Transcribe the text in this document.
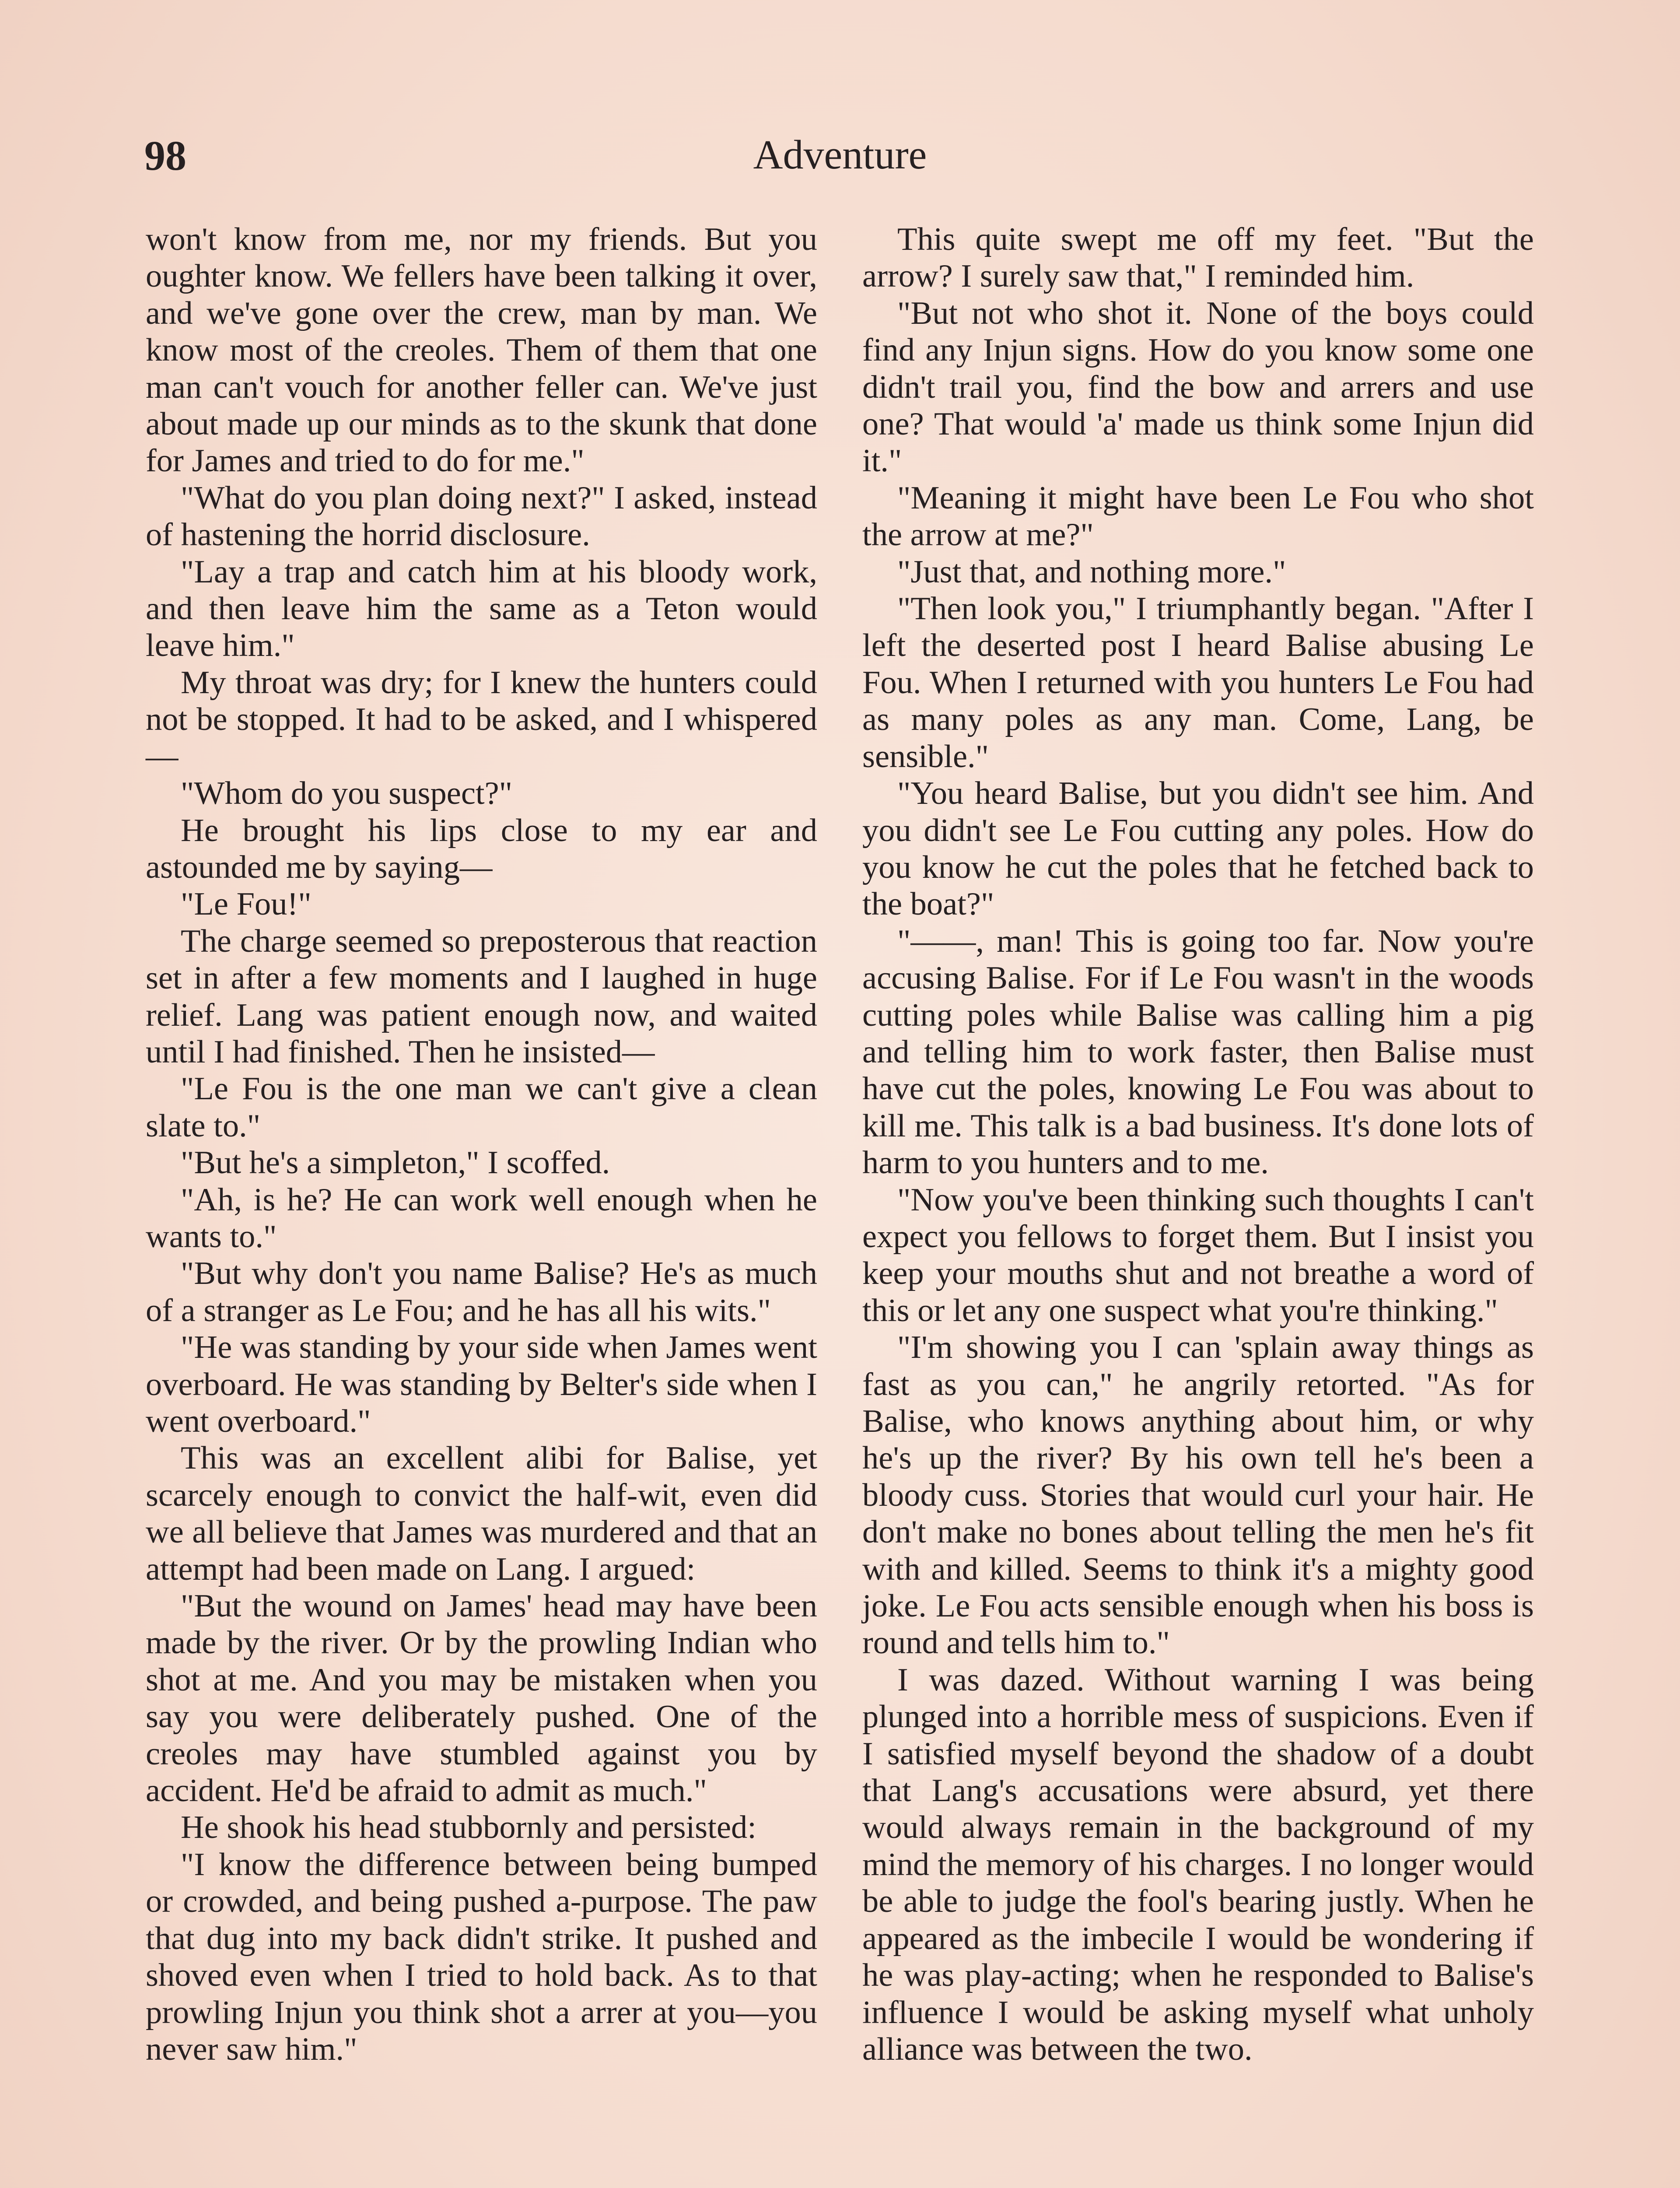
98	Adventure

won't know from me, nor my friends. But you oughter know. We fellers have been talking it over, and we've gone over the crew, man by man. We know most of the creoles. Them of them that one man can't vouch for another feller can. We've just about made up our minds as to the skunk that done for James and tried to do for me."

"What do you plan doing next?" I asked, instead of hastening the horrid disclosure.

"Lay a trap and catch him at his bloody work, and then leave him the same as a Teton would leave him."

My throat was dry; for I knew the hunters could not be stopped. It had to be asked, and I whispered—

"Whom do you suspect?"

He brought his lips close to my ear and astounded me by saying—

"Le Fou!"

The charge seemed so preposterous that reaction set in after a few moments and I laughed in huge relief. Lang was patient enough now, and waited until I had finished. Then he insisted—

"Le Fou is the one man we can't give a clean slate to."

"But he's a simpleton," I scoffed.

"Ah, is he? He can work well enough when he wants to."

"But why don't you name Balise? He's as much of a stranger as Le Fou; and he has all his wits."

"He was standing by your side when James went overboard. He was standing by Belter's side when I went overboard."

This was an excellent alibi for Balise, yet scarcely enough to convict the half-wit, even did we all believe that James was murdered and that an attempt had been made on Lang. I argued:

"But the wound on James' head may have been made by the river. Or by the prowling Indian who shot at me. And you may be mistaken when you say you were deliberately pushed. One of the creoles may have stumbled against you by accident. He'd be afraid to admit as much."

He shook his head stubbornly and persisted:

"I know the difference between being bumped or crowded, and being pushed a-purpose. The paw that dug into my back didn't strike. It pushed and shoved even when I tried to hold back. As to that prowling Injun you think shot a arrer at you—you never saw him."

This quite swept me off my feet. "But the arrow? I surely saw that," I reminded him.

"But not who shot it. None of the boys could find any Injun signs. How do you know some one didn't trail you, find the bow and arrers and use one? That would 'a' made us think some Injun did it."

"Meaning it might have been Le Fou who shot the arrow at me?"

"Just that, and nothing more."

"Then look you," I triumphantly began. "After I left the deserted post I heard Balise abusing Le Fou. When I returned with you hunters Le Fou had as many poles as any man. Come, Lang, be sensible."

"You heard Balise, but you didn't see him. And you didn't see Le Fou cutting any poles. How do you know he cut the poles that he fetched back to the boat?"

"——, man! This is going too far. Now you're accusing Balise. For if Le Fou wasn't in the woods cutting poles while Balise was calling him a pig and telling him to work faster, then Balise must have cut the poles, knowing Le Fou was about to kill me. This talk is a bad business. It's done lots of harm to you hunters and to me.

"Now you've been thinking such thoughts I can't expect you fellows to forget them. But I insist you keep your mouths shut and not breathe a word of this or let any one suspect what you're thinking."

"I'm showing you I can 'splain away things as fast as you can," he angrily retorted. "As for Balise, who knows anything about him, or why he's up the river? By his own tell he's been a bloody cuss. Stories that would curl your hair. He don't make no bones about telling the men he's fit with and killed. Seems to think it's a mighty good joke. Le Fou acts sensible enough when his boss is round and tells him to."

I was dazed. Without warning I was being plunged into a horrible mess of suspicions. Even if I satisfied myself beyond the shadow of a doubt that Lang's accusations were absurd, yet there would always remain in the background of my mind the memory of his charges. I no longer would be able to judge the fool's bearing justly. When he appeared as the imbecile I would be wondering if he was play-acting; when he responded to Balise's influence I would be asking myself what unholy alliance was between the two.
